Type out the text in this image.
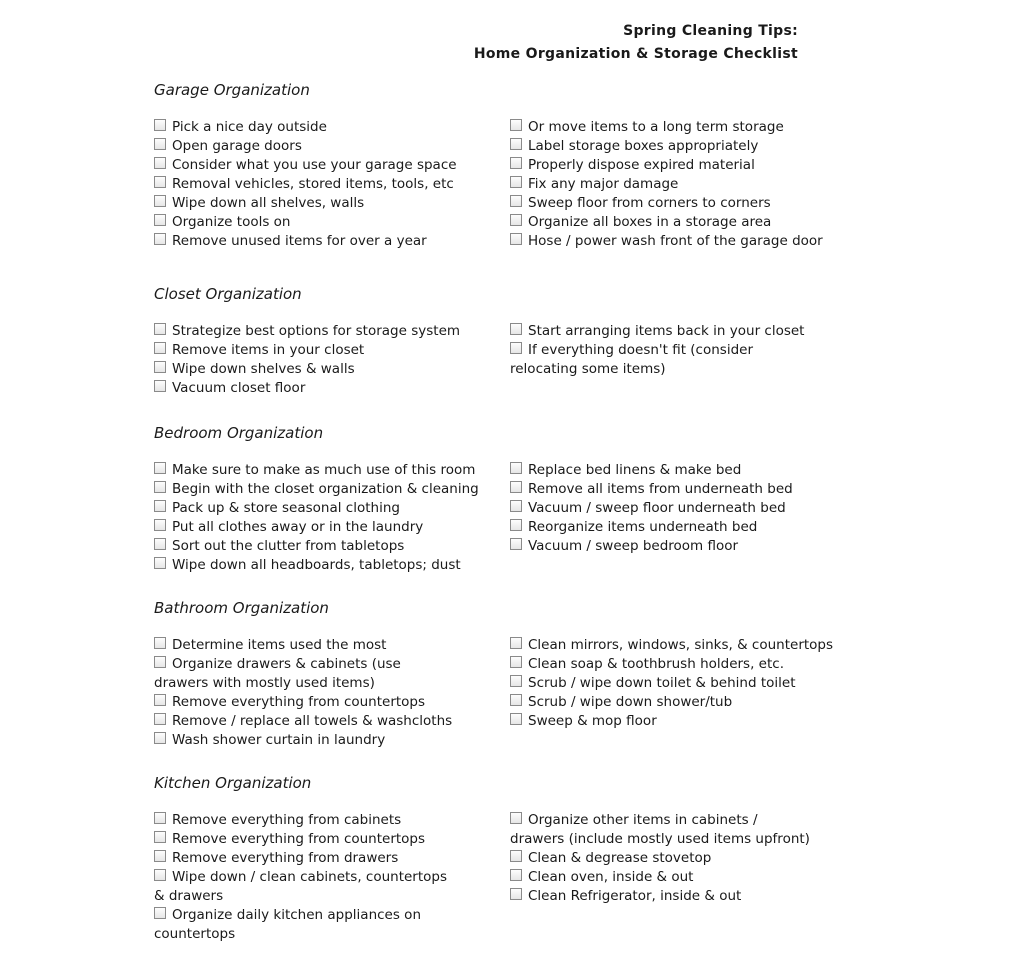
Spring Cleaning Tips:
Home Organization & Storage Checklist
Garage Organization
Pick a nice day outside
Open garage doors
Consider what you use your garage space
Removal vehicles, stored items, tools, etc
Wipe down all shelves, walls
Organize tools on
Remove unused items for over a year
Or move items to a long term storage
Label storage boxes appropriately
Properly dispose expired material
Fix any major damage
Sweep floor from corners to corners
Organize all boxes in a storage area
Hose / power wash front of the garage door
Closet Organization
Strategize best options for storage system
Remove items in your closet
Wipe down shelves & walls
Vacuum closet floor
Start arranging items back in your closet
If everything doesn't fit (consider relocating some items)
Bedroom Organization
Make sure to make as much use of this room
Begin with the closet organization & cleaning
Pack up & store seasonal clothing
Put all clothes away or in the laundry
Sort out the clutter from tabletops
Wipe down all headboards, tabletops; dust
Replace bed linens & make bed
Remove all items from underneath bed
Vacuum / sweep floor underneath bed
Reorganize items underneath bed
Vacuum / sweep bedroom floor
Bathroom Organization
Determine items used the most
Organize drawers & cabinets (use drawers with mostly used items)
Remove everything from countertops
Remove / replace all towels & washcloths
Wash shower curtain in laundry
Clean mirrors, windows, sinks, & countertops
Clean soap & toothbrush holders, etc.
Scrub / wipe down toilet & behind toilet
Scrub / wipe down shower/tub
Sweep & mop floor
Kitchen Organization
Remove everything from cabinets
Remove everything from countertops
Remove everything from drawers
Wipe down / clean cabinets, countertops & drawers
Organize daily kitchen appliances on countertops
Organize other items in cabinets / drawers (include mostly used items upfront)
Clean & degrease stovetop
Clean oven, inside & out
Clean Refrigerator, inside & out
